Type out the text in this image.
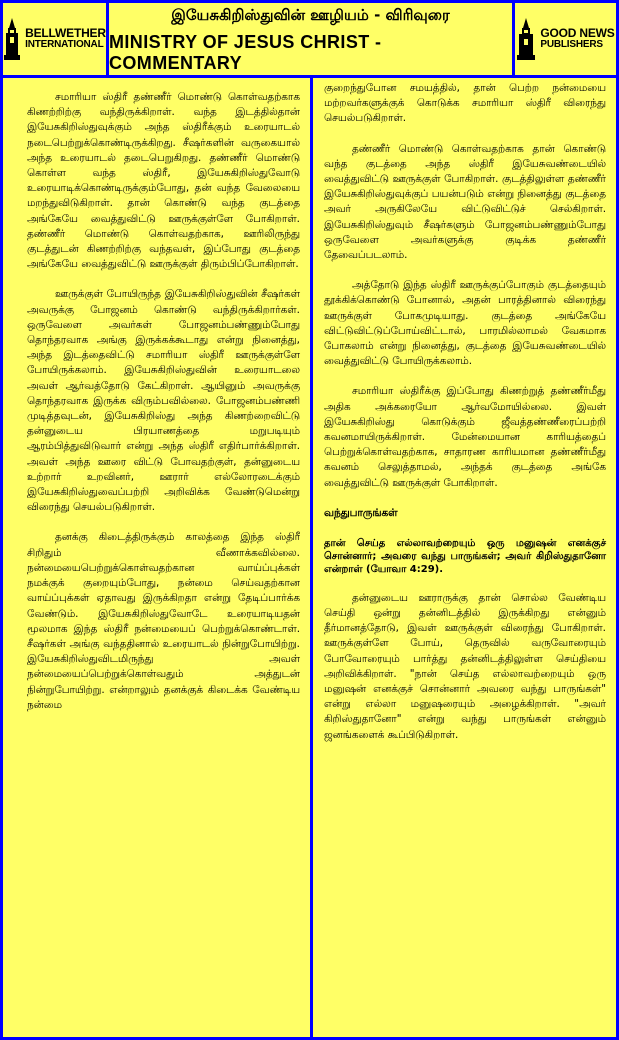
BELLWETHER
INTERNATIONAL
இயேசுகிறிஸ்துவின் ஊழியம் - விரிவுரை
MINISTRY OF JESUS CHRIST - COMMENTARY
GOOD NEWS
PUBLISHERS

சமாரியா ஸ்திரீ தண்ணீர் மொண்டு கொள்வதற்காக கிணற்றிற்கு வந்திருக்கிறாள். வந்த இடத்தில்தான் இயேசுகிறிஸ்துவுக்கும் அந்த ஸ்திரீக்கும் உரையாடல் நடைபெற்றுக்கொண்டிருக்கிறது. சீஷர்களின் வருகையால் அந்த உரையாடல் தடைபெறுகிறது. தண்ணீர் மொண்டு கொள்ள வந்த ஸ்திரீ, இயேசுகிறிஸ்துவோடு உரையாடிக்கொண்டிருக்கும்போது, தன் வந்த வேலையை மறந்துவிடுகிறாள். தான் கொண்டு வந்த குடத்தை அங்கேயே வைத்துவிட்டு ஊருக்குள்ளே போகிறாள். தண்ணீர் மொண்டு கொள்வதற்காக, ஊரிலிருந்து குடத்துடன் கிணற்றிற்கு வந்தவள், இப்போது குடத்தை அங்கேயே வைத்துவிட்டு ஊருக்குள் திரும்பிப்போகிறாள்.

ஊருக்குள் போயிருந்த இயேசுகிறிஸ்துவின் சீஷர்கள் அவருக்கு போஜனம் கொண்டு வந்திருக்கிறார்கள். ஒருவேளை அவர்கள் போஜனம்பண்ணும்போது தொந்தரவாக அங்கு இருக்கக்கூடாது என்று நினைத்து, அந்த இடத்தைவிட்டு சமாரியா ஸ்திரீ ஊருக்குள்ளே போயிருக்கலாம். இயேசுகிறிஸ்துவின் உரையாடலை அவள் ஆர்வத்தோடு கேட்கிறாள். ஆயினும் அவருக்கு தொந்தரவாக இருக்க விரும்பவில்லை. போஜனம்பண்ணி முடித்தவுடன், இயேசுகிறிஸ்து அந்த கிணற்றைவிட்டு தன்னுடைய பிரயாணத்தை மறுபடியும் ஆரம்பித்துவிடுவார் என்று அந்த ஸ்திரீ எதிர்பார்க்கிறாள். அவள் அந்த ஊரை விட்டு போவதற்குள், தன்னுடைய உற்றார் உறவினர், ஊரார் எல்லோரடைக்கும் இயேசுகிறிஸ்துவைப்பற்றி அறிவிக்க வேண்டுமென்று விரைந்து செயல்படுகிறாள்.

தனக்கு கிடைத்திருக்கும் காலத்தை இந்த ஸ்திரீ சிறிதும் வீணாக்கவில்லை. நன்மையைபெற்றுக்கொள்வதற்கான வாய்ப்புக்கள் நமக்குக் குறையும்போது, நன்மை செய்வதற்கான வாய்ப்புக்கள் ஏதாவது இருக்கிறதா என்று தேடிப்பார்க்க வேண்டும். இயேசுகிறிஸ்துவோடே உரையாடியதன் மூலமாக இந்த ஸ்திரீ நன்மையைப் பெற்றுக்கொண்டாள். சீஷர்கள் அங்கு வந்ததினால் உரையாடல் நின்றுபோயிற்று. இயேசுகிறிஸ்துவிடமிருந்து அவள் நன்மையைப்பெற்றுக்கொள்வதும் அத்துடன் நின்றுபோயிற்று. என்றாலும் தனக்குக் கிடைக்க வேண்டிய நன்மை

குறைந்துபோன சமயத்தில், தான் பெற்ற நன்மையை மற்றவர்களுக்குக் கொடுக்க சமாரியா ஸ்திரீ விரைந்து செயல்படுகிறாள்.

தண்ணீர் மொண்டு கொள்வதற்காக தான் கொண்டு வந்த குடத்தை அந்த ஸ்திரீ இயேசுவண்டையில் வைத்துவிட்டு ஊருக்குள் போகிறாள். குடத்திலுள்ள தண்ணீர் இயேசுகிறிஸ்துவுக்குப் பயன்படும் என்று நினைத்து குடத்தை அவர் அருகிலேயே விட்டுவிட்டுச் செல்கிறாள். இயேசுகிறிஸ்துவும் சீஷர்களும் போஜனம்பண்ணும்போது ஒருவேளை அவர்களுக்கு குடிக்க தண்ணீர் தேவைப்படலாம்.

அத்தோடு இந்த ஸ்திரீ ஊருக்குப்போகும் குடத்தையும் தூக்கிக்கொண்டு போனால், அதன் பாரத்தினால் விரைந்து ஊருக்குள் போகமுடியாது. குடத்தை அங்கேயே விட்டுவிட்டுப்போய்விட்டால், பாரமில்லாமல் வேகமாக போகலாம் என்று நினைத்து, குடத்தை இயேசுவண்டையில் வைத்துவிட்டு போயிருக்கலாம்.

சமாரியா ஸ்திரீக்கு இப்போது கிணற்றுத் தண்ணீர்மீது அதிக அக்கரையோ ஆர்வமோயில்லை. இவள் இயேசுகிறிஸ்து கொடுக்கும் ஜீவத்தண்ணீரைப்பற்றி கவனமாயிருக்கிறாள். மேன்மையான காரியத்தைப் பெற்றுக்கொள்வதற்காக, சாதாரண காரியமான தண்ணீர்மீது கவனம் செலுத்தாமல், அந்தக் குடத்தை அங்கே வைத்துவிட்டு ஊருக்குள் போகிறாள்.

வந்துபாருங்கள்

தான் செய்த எல்லாவற்றையும் ஒரு மனுஷன் எனக்குச் சொன்னார்; அவரை வந்து பாருங்கள்; அவர் கிறிஸ்துதானோ என்றாள் (யோவா 4:29).

தன்னுடைய ஊராருக்கு தான் சொல்ல வேண்டிய செய்தி ஒன்று தன்னிடத்தில் இருக்கிறது என்னும் தீர்மானத்தோடு, இவள் ஊருக்குள் விரைந்து போகிறாள். ஊருக்குள்ளே போய், தெருவில் வருவோரையும் போவோரையும் பார்த்து தன்னிடத்திலுள்ள செய்தியை அறிவிக்கிறாள். "நான் செய்த எல்லாவற்றையும் ஒரு மனுஷன் எனக்குச் சொன்னார் அவரை வந்து பாருங்கள்" என்று எல்லா மனுஷரையும் அழைக்கிறாள். "அவர் கிறிஸ்துதானோ" என்று வந்து பாருங்கள் என்னும் ஜனங்களைக் கூப்பிடுகிறாள்.
